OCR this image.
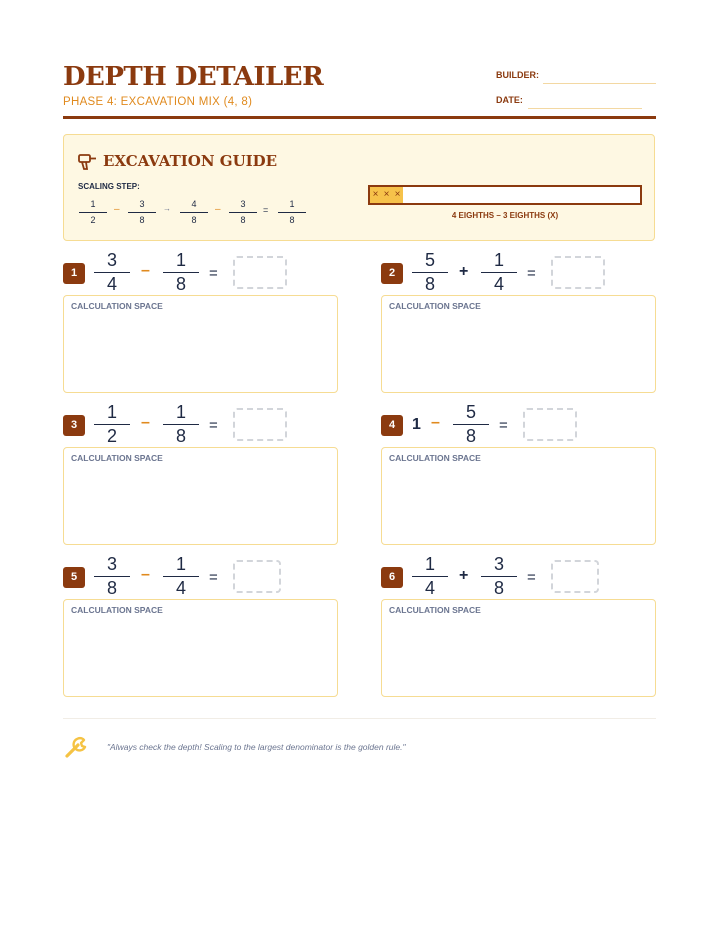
DEPTH DETAILER
PHASE 4: EXCAVATION MIX (4, 8)
BUILDER:
DATE:
EXCAVATION GUIDE
SCALING STEP:
1
2
–	3
8
→	4
8
–	3
8
=
1
8
× × ×
4 EIGHTHS – 3 EIGHTHS (X)
1
3
4
–
1
8
=
CALCULATION SPACE
2
5
8
+
1
4
=
CALCULATION SPACE
3
1
2
–
1
8
=
CALCULATION SPACE
4	1 –
5
8
=
CALCULATION SPACE
5
3
8
–
1
4
=
CALCULATION SPACE
6
1
4
+
3
8
=
CALCULATION SPACE
"Always check the depth! Scaling to the largest denominator is the golden rule."
